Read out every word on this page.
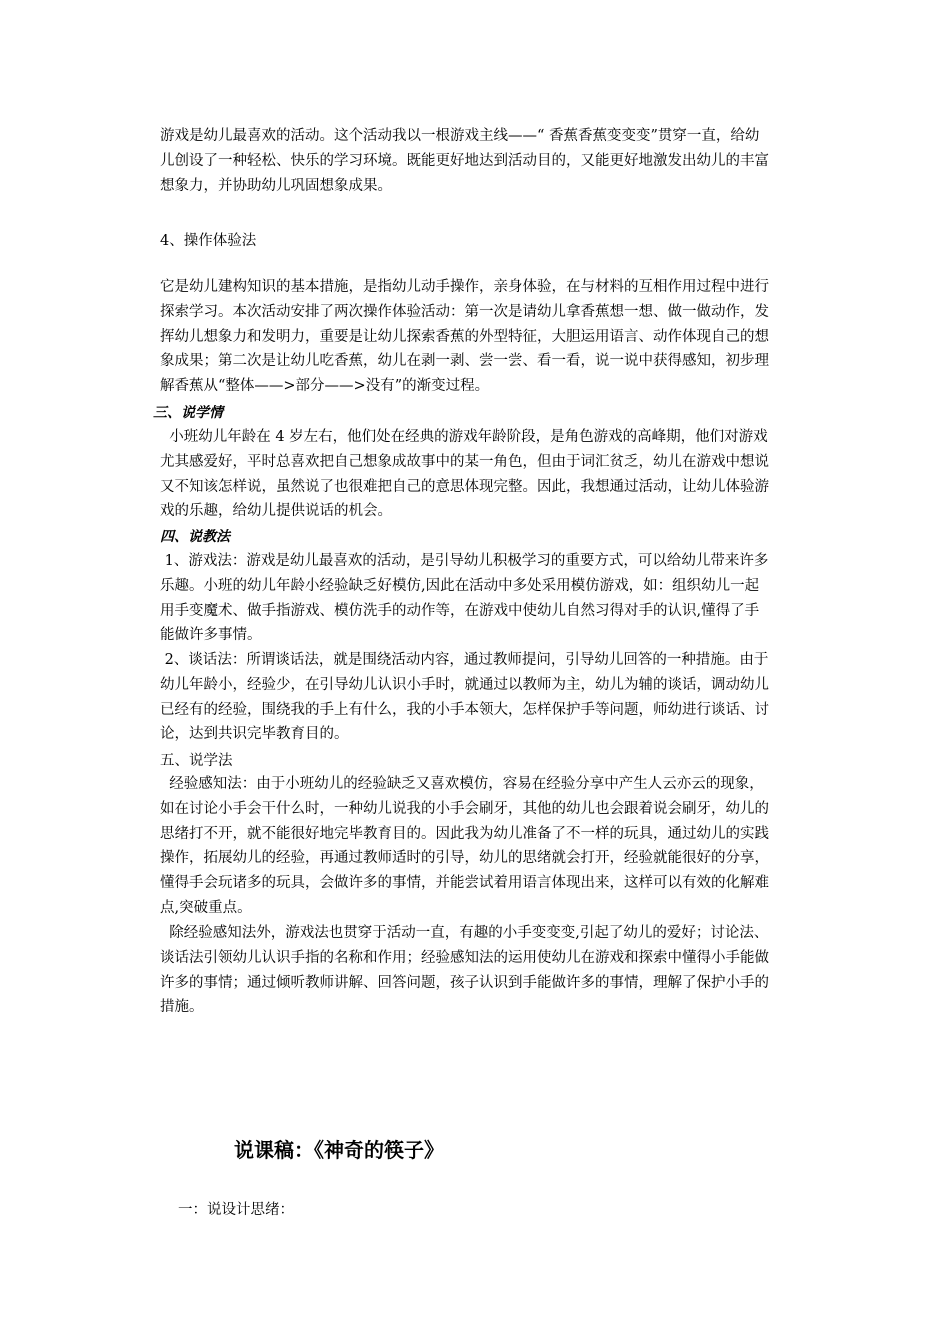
游戏是幼儿最喜欢的活动。这个活动我以一根游戏主线——“ 香蕉香蕉变变变”贯穿一直，给幼
儿创设了一种轻松、快乐的学习环境。既能更好地达到活动目的，又能更好地激发出幼儿的丰富
想象力，并协助幼儿巩固想象成果。
4、操作体验法
它是幼儿建构知识的基本措施，是指幼儿动手操作，亲身体验，在与材料的互相作用过程中进行
探索学习。本次活动安排了两次操作体验活动：第一次是请幼儿拿香蕉想一想、做一做动作，发
挥幼儿想象力和发明力，重要是让幼儿探索香蕉的外型特征，大胆运用语言、动作体现自己的想
象成果；第二次是让幼儿吃香蕉，幼儿在剥一剥、尝一尝、看一看，说一说中获得感知，初步理
解香蕉从“整体——>部分——>没有”的渐变过程。
三、说学情
小班幼儿年龄在 4 岁左右，他们处在经典的游戏年龄阶段，是角色游戏的高峰期，他们对游戏
尤其感爱好，平时总喜欢把自己想象成故事中的某一角色，但由于词汇贫乏，幼儿在游戏中想说
又不知该怎样说，虽然说了也很难把自己的意思体现完整。因此，我想通过活动，让幼儿体验游
戏的乐趣，给幼儿提供说话的机会。
四、说教法
1、游戏法：游戏是幼儿最喜欢的活动，是引导幼儿积极学习的重要方式，可以给幼儿带来许多
乐趣。小班的幼儿年龄小经验缺乏好模仿,因此在活动中多处采用模仿游戏，如：组织幼儿一起
用手变魔术、做手指游戏、模仿洗手的动作等，在游戏中使幼儿自然习得对手的认识,懂得了手
能做许多事情。
2、谈话法：所谓谈话法，就是围绕活动内容，通过教师提问，引导幼儿回答的一种措施。由于
幼儿年龄小，经验少，在引导幼儿认识小手时，就通过以教师为主，幼儿为辅的谈话，调动幼儿
已经有的经验，围绕我的手上有什么，我的小手本领大，怎样保护手等问题，师幼进行谈话、讨
论，达到共识完毕教育目的。
五、说学法
经验感知法：由于小班幼儿的经验缺乏又喜欢模仿，容易在经验分享中产生人云亦云的现象，
如在讨论小手会干什么时，一种幼儿说我的小手会刷牙，其他的幼儿也会跟着说会刷牙，幼儿的
思绪打不开，就不能很好地完毕教育目的。因此我为幼儿准备了不一样的玩具，通过幼儿的实践
操作，拓展幼儿的经验，再通过教师适时的引导，幼儿的思绪就会打开，经验就能很好的分享，
懂得手会玩诸多的玩具，会做许多的事情，并能尝试着用语言体现出来，这样可以有效的化解难
点,突破重点。
除经验感知法外，游戏法也贯穿于活动一直，有趣的小手变变变,引起了幼儿的爱好；讨论法、
谈话法引领幼儿认识手指的名称和作用；经验感知法的运用使幼儿在游戏和探索中懂得小手能做
许多的事情；通过倾听教师讲解、回答问题，孩子认识到手能做许多的事情，理解了保护小手的
措施。
说课稿：《神奇的筷子》
一：说设计思绪：
